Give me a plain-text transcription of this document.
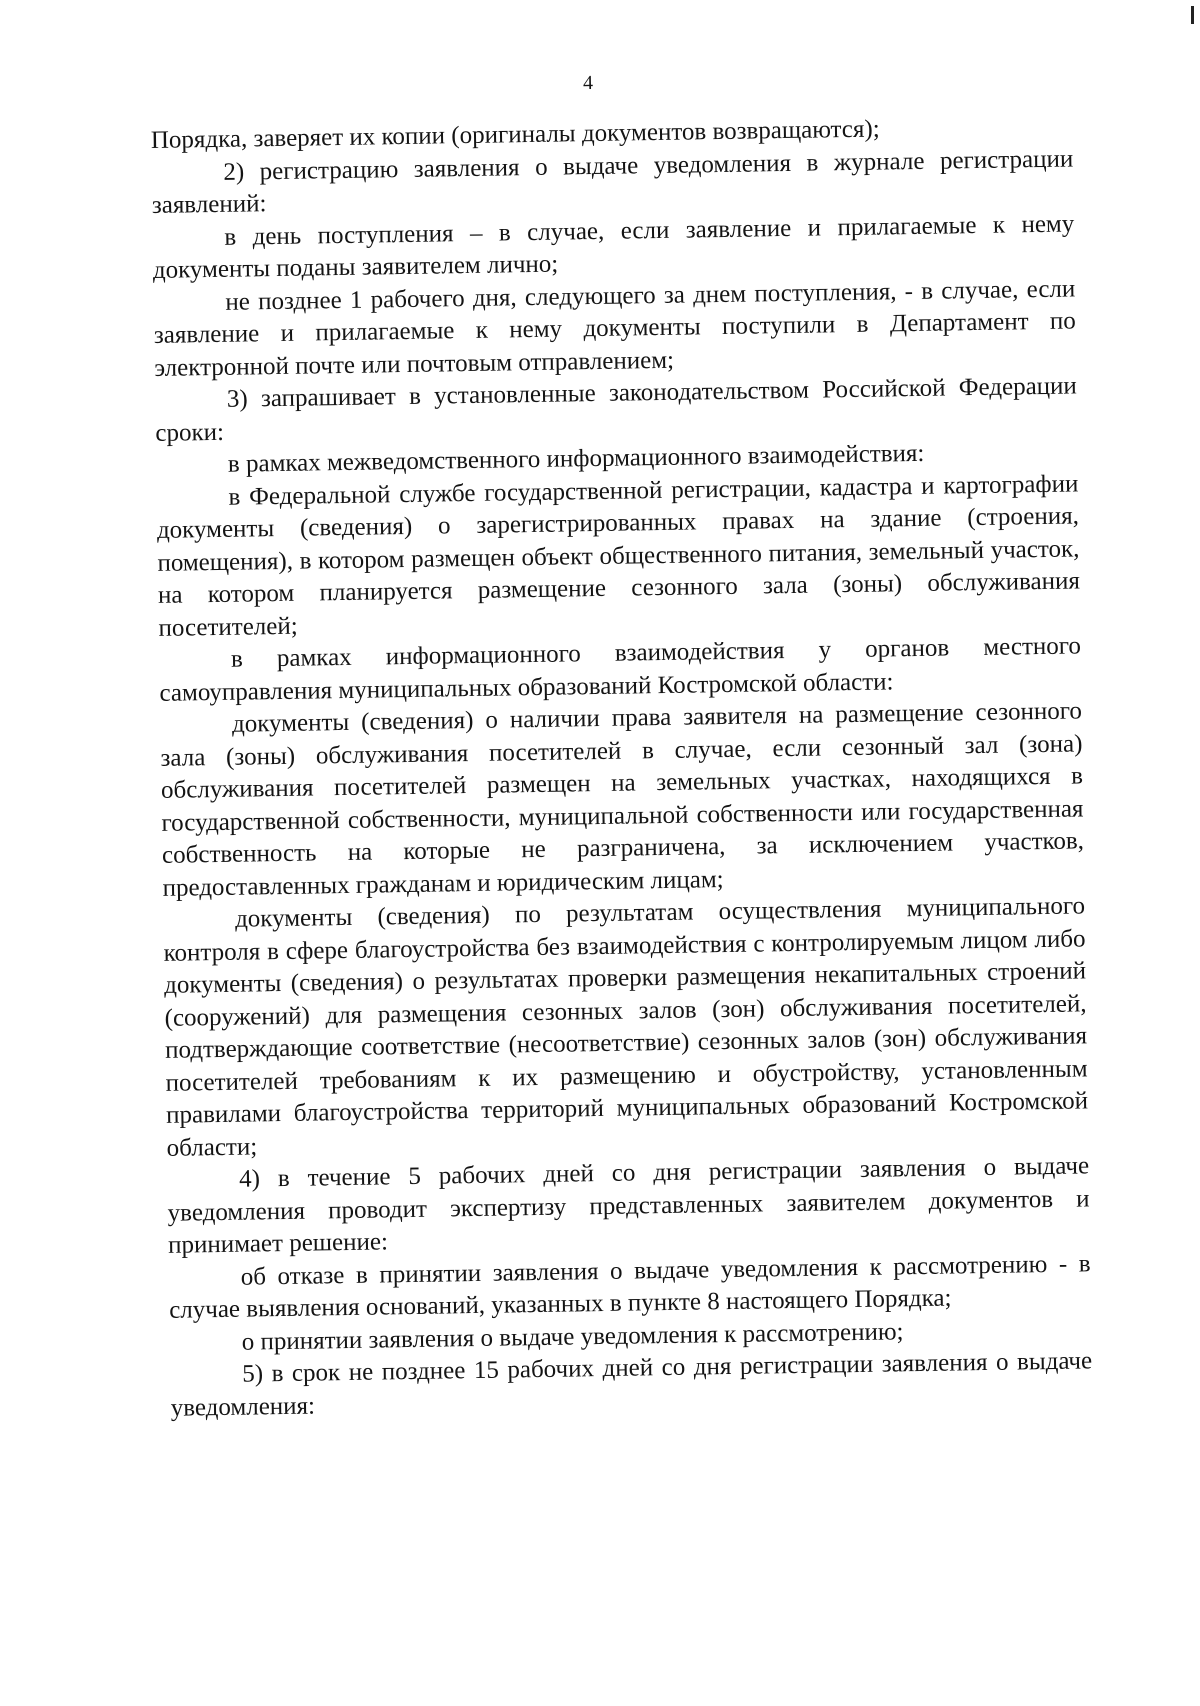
4

Порядка, заверяет их копии (оригиналы документов возвращаются);

2) регистрацию заявления о выдаче уведомления в журнале регистрации заявлений:

в день поступления – в случае, если заявление и прилагаемые к нему документы поданы заявителем лично;

не позднее 1 рабочего дня, следующего за днем поступления, - в случае, если заявление и прилагаемые к нему документы поступили в Департамент по электронной почте или почтовым отправлением;

3) запрашивает в установленные законодательством Российской Федерации сроки:

в рамках межведомственного информационного взаимодействия:

в Федеральной службе государственной регистрации, кадастра и картографии документы (сведения) о зарегистрированных правах на здание (строения, помещения), в котором размещен объект общественного питания, земельный участок, на котором планируется размещение сезонного зала (зоны) обслуживания посетителей;

в рамках информационного взаимодействия у органов местного самоуправления муниципальных образований Костромской области:

документы (сведения) о наличии права заявителя на размещение сезонного зала (зоны) обслуживания посетителей в случае, если сезонный зал (зона) обслуживания посетителей размещен на земельных участках, находящихся в государственной собственности, муниципальной собственности или государственная собственность на которые не разграничена, за исключением участков, предоставленных гражданам и юридическим лицам;

документы (сведения) по результатам осуществления муниципального контроля в сфере благоустройства без взаимодействия с контролируемым лицом либо документы (сведения) о результатах проверки размещения некапитальных строений (сооружений) для размещения сезонных залов (зон) обслуживания посетителей, подтверждающие соответствие (несоответствие) сезонных залов (зон) обслуживания посетителей требованиям к их размещению и обустройству, установленным правилами благоустройства территорий муниципальных образований Костромской области;

4) в течение 5 рабочих дней со дня регистрации заявления о выдаче уведомления проводит экспертизу представленных заявителем документов и принимает решение:

об отказе в принятии заявления о выдаче уведомления к рассмотрению - в случае выявления оснований, указанных в пункте 8 настоящего Порядка;

о принятии заявления о выдаче уведомления к рассмотрению;

5) в срок не позднее 15 рабочих дней со дня регистрации заявления о выдаче уведомления:
